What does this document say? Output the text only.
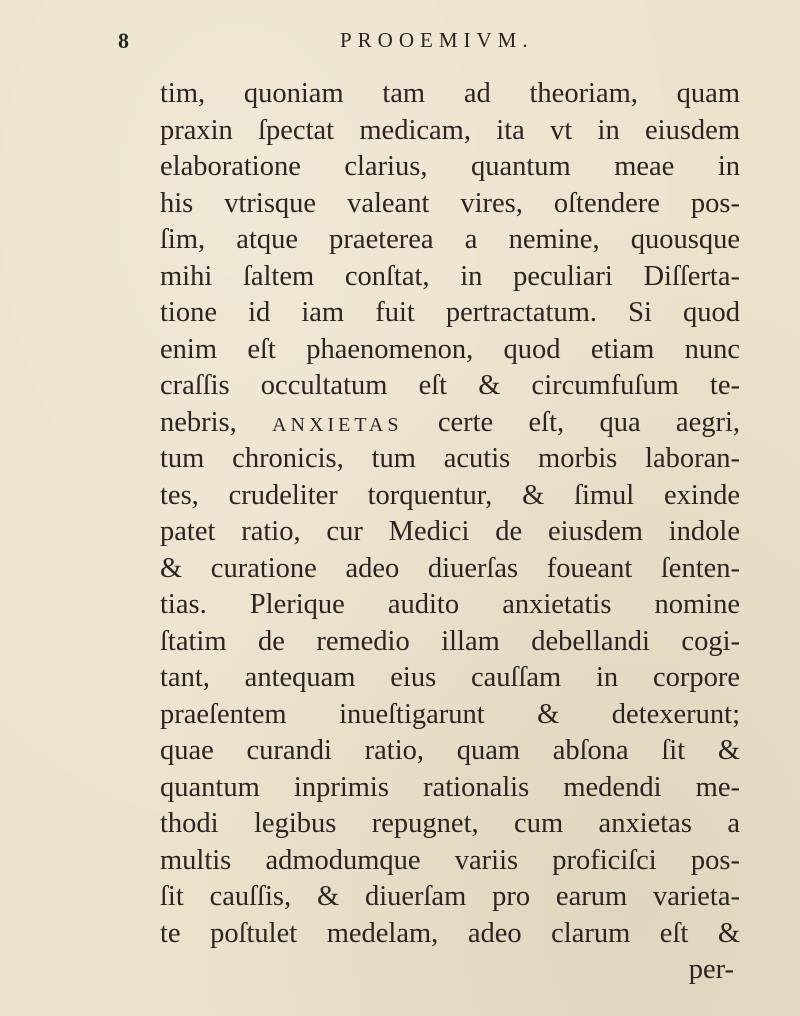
8	PROOEMIVM.
tim, quoniam tam ad theoriam, quam
praxin ſpectat medicam, ita vt in eiusdem
elaboratione clarius, quantum meae in
his vtrisque valeant vires, oſtendere pos-
ſim, atque praeterea a nemine, quousque
mihi ſaltem conſtat, in peculiari Diſſerta-
tione id iam fuit pertractatum. Si quod
enim eſt phaenomenon, quod etiam nunc
craſſis occultatum eſt & circumfuſum te-
nebris, ANXIETAS certe eſt, qua aegri,
tum chronicis, tum acutis morbis laboran-
tes, crudeliter torquentur, & ſimul exinde
patet ratio, cur Medici de eiusdem indole
& curatione adeo diuerſas foueant ſenten-
tias. Plerique audito anxietatis nomine
ſtatim de remedio illam debellandi cogi-
tant, antequam eius cauſſam in corpore
praeſentem inueſtigarunt & detexerunt;
quae curandi ratio, quam abſona ſit &
quantum inprimis rationalis medendi me-
thodi legibus repugnet, cum anxietas a
multis admodumque variis proficiſci pos-
ſit cauſſis, & diuerſam pro earum varieta-
te poſtulet medelam, adeo clarum eſt &
per-
